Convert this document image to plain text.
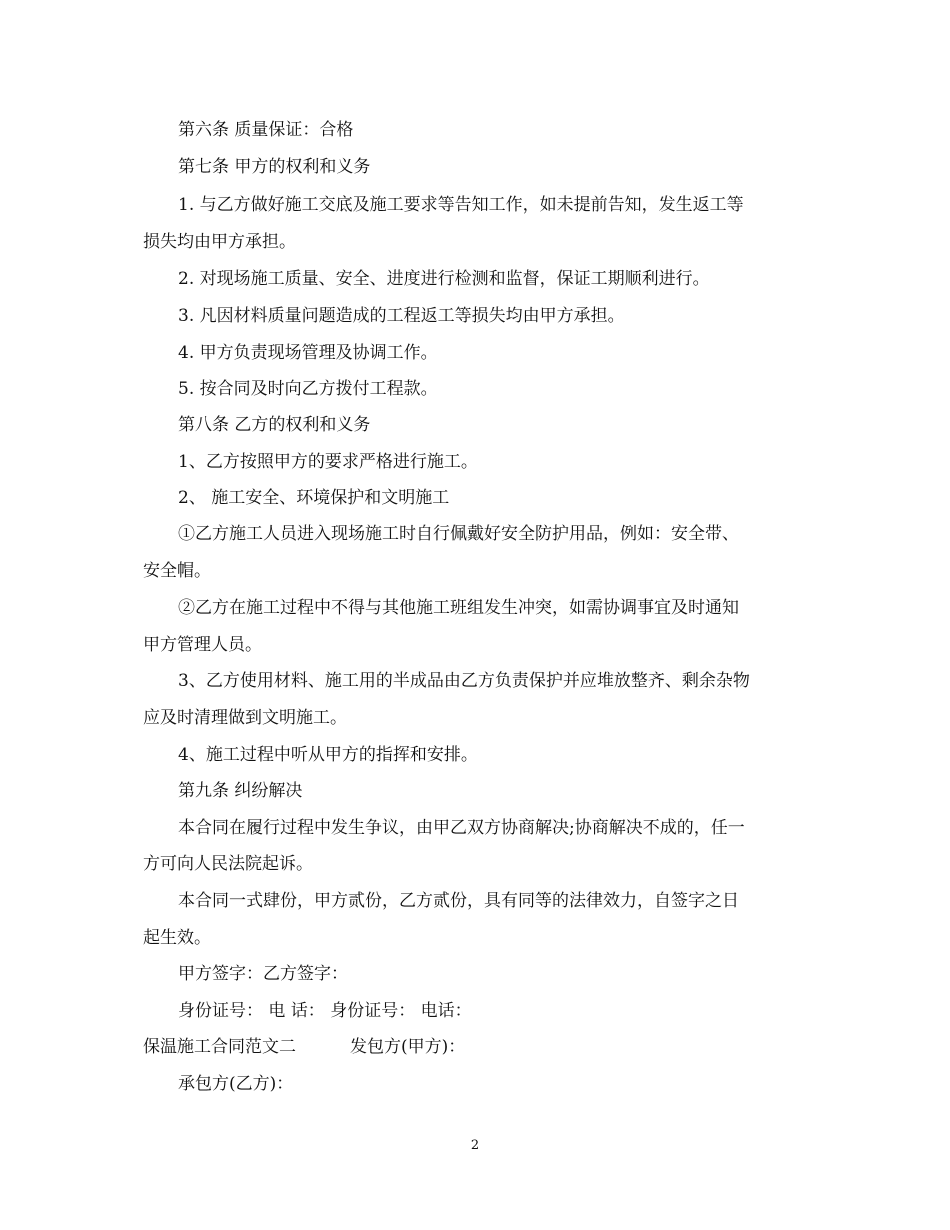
第六条 质量保证：合格
第七条 甲方的权利和义务
1. 与乙方做好施工交底及施工要求等告知工作，如未提前告知，发生返工等
损失均由甲方承担。
2. 对现场施工质量、安全、进度进行检测和监督，保证工期顺利进行。
3. 凡因材料质量问题造成的工程返工等损失均由甲方承担。
4. 甲方负责现场管理及协调工作。
5. 按合同及时向乙方拨付工程款。
第八条 乙方的权利和义务
1、乙方按照甲方的要求严格进行施工。
2、 施工安全、环境保护和文明施工
①乙方施工人员进入现场施工时自行佩戴好安全防护用品，例如：安全带、
安全帽。
②乙方在施工过程中不得与其他施工班组发生冲突，如需协调事宜及时通知
甲方管理人员。
3、乙方使用材料、施工用的半成品由乙方负责保护并应堆放整齐、剩余杂物
应及时清理做到文明施工。
4、施工过程中听从甲方的指挥和安排。
第九条 纠纷解决
本合同在履行过程中发生争议，由甲乙双方协商解决;协商解决不成的，任一
方可向人民法院起诉。
本合同一式肆份，甲方贰份，乙方贰份，具有同等的法律效力，自签字之日
起生效。
甲方签字：乙方签字：
身份证号： 电 话： 身份证号： 电话：
保温施工合同范文二	发包方(甲方)：
承包方(乙方)：
2
